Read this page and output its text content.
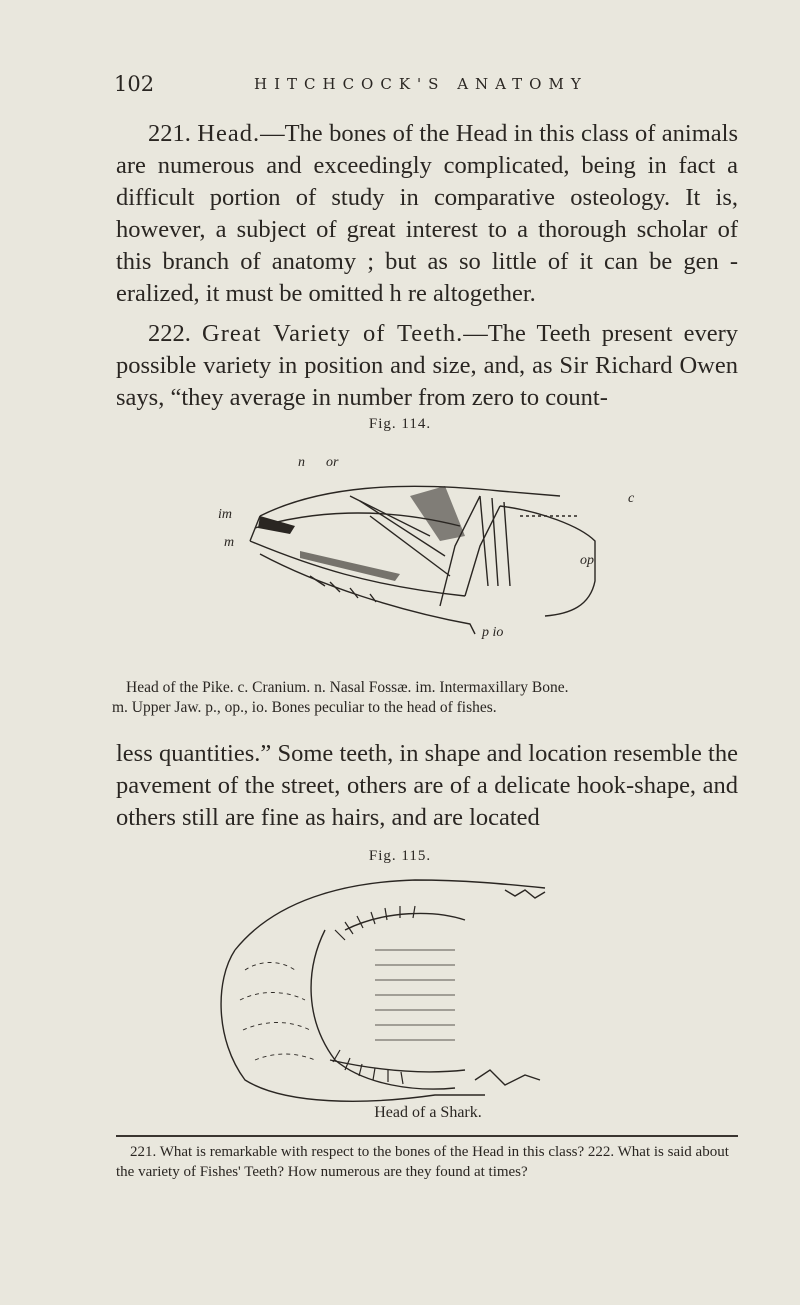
102	HITCHCOCK'S ANATOMY

221. Head.—The bones of the Head in this class of animals are numerous and exceedingly complicated, being in fact a difficult portion of study in comparative osteology. It is, however, a subject of great interest to a thorough scholar of this branch of anatomy ; but as so little of it can be gen - eralized, it must be omitted h re altogether.

222. Great Variety of Teeth.—The Teeth present every possible variety in position and size, and, as Sir Richard Owen says, “they average in number from zero to count-

Fig. 114.
n or
im
m
c
op
p io

Head of the Pike. c. Cranium. n. Nasal Fossæ. im. Intermaxillary Bone.
m. Upper Jaw. p., op., io. Bones peculiar to the head of fishes.

less quantities.” Some teeth, in shape and location resemble the pavement of the street, others are of a delicate hook-shape, and others still are fine as hairs, and are located

Fig. 115.
Head of a Shark.

221. What is remarkable with respect to the bones of the Head in this class? 222. What is said about the variety of Fishes' Teeth? How numerous are they found at times?
